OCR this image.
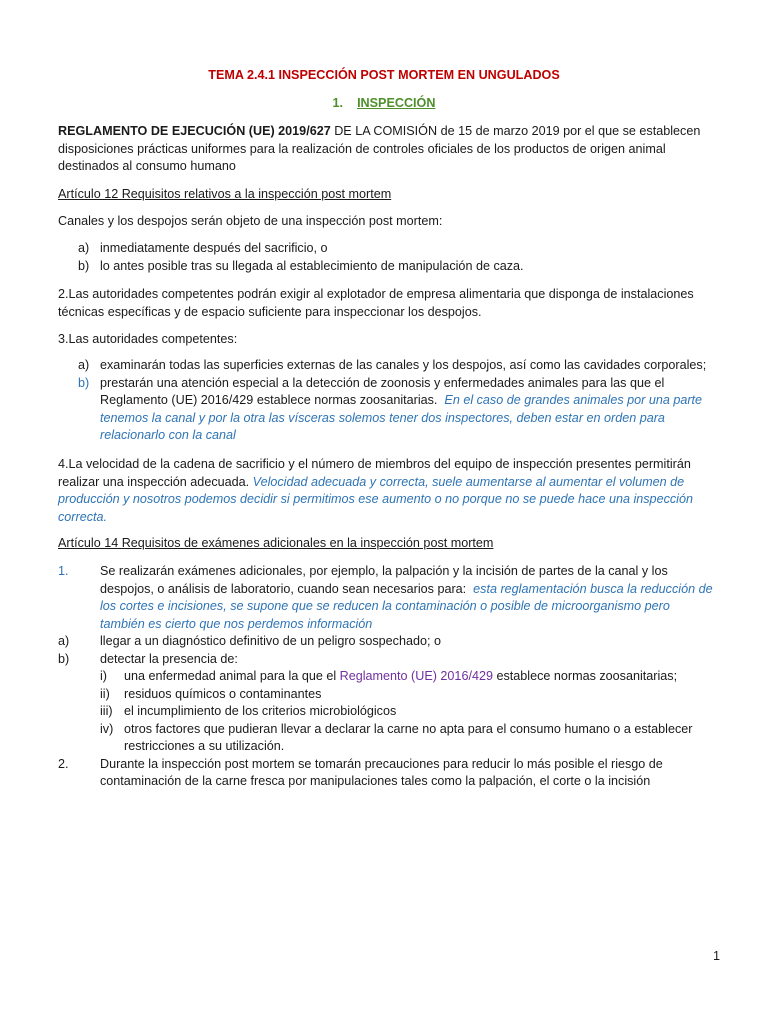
TEMA 2.4.1 INSPECCIÓN POST MORTEM EN UNGULADOS

1. INSPECCIÓN

REGLAMENTO DE EJECUCIÓN (UE) 2019/627 DE LA COMISIÓN de 15 de marzo 2019 por el que se establecen disposiciones prácticas uniformes para la realización de controles oficiales de los productos de origen animal destinados al consumo humano

Artículo 12 Requisitos relativos a la inspección post mortem

Canales y los despojos serán objeto de una inspección post mortem:

a) inmediatamente después del sacrificio, o

b) lo antes posible tras su llegada al establecimiento de manipulación de caza.

2.Las autoridades competentes podrán exigir al explotador de empresa alimentaria que disponga de instalaciones técnicas específicas y de espacio suficiente para inspeccionar los despojos.

3.Las autoridades competentes:

a) examinarán todas las superficies externas de las canales y los despojos, así como las cavidades corporales;

b) prestarán una atención especial a la detección de zoonosis y enfermedades animales para las que el Reglamento (UE) 2016/429 establece normas zoosanitarias. En el caso de grandes animales por una parte tenemos la canal y por la otra las vísceras solemos tener dos inspectores, deben estar en orden para relacionarlo con la canal

4.La velocidad de la cadena de sacrificio y el número de miembros del equipo de inspección presentes permitirán realizar una inspección adecuada. Velocidad adecuada y correcta, suele aumentarse al aumentar el volumen de producción y nosotros podemos decidir si permitimos ese aumento o no porque no se puede hace una inspección correcta.

Artículo 14 Requisitos de exámenes adicionales en la inspección post mortem

1. Se realizarán exámenes adicionales, por ejemplo, la palpación y la incisión de partes de la canal y los despojos, o análisis de laboratorio, cuando sean necesarios para: esta reglamentación busca la reducción de los cortes e incisiones, se supone que se reducen la contaminación o posible de microorganismo pero también es cierto que nos perdemos información

a) llegar a un diagnóstico definitivo de un peligro sospechado; o

b) detectar la presencia de:

i) una enfermedad animal para la que el Reglamento (UE) 2016/429 establece normas zoosanitarias;

ii) residuos químicos o contaminantes

iii) el incumplimiento de los criterios microbiológicos

iv) otros factores que pudieran llevar a declarar la carne no apta para el consumo humano o a establecer restricciones a su utilización.

2. Durante la inspección post mortem se tomarán precauciones para reducir lo más posible el riesgo de contaminación de la carne fresca por manipulaciones tales como la palpación, el corte o la incisión

1
